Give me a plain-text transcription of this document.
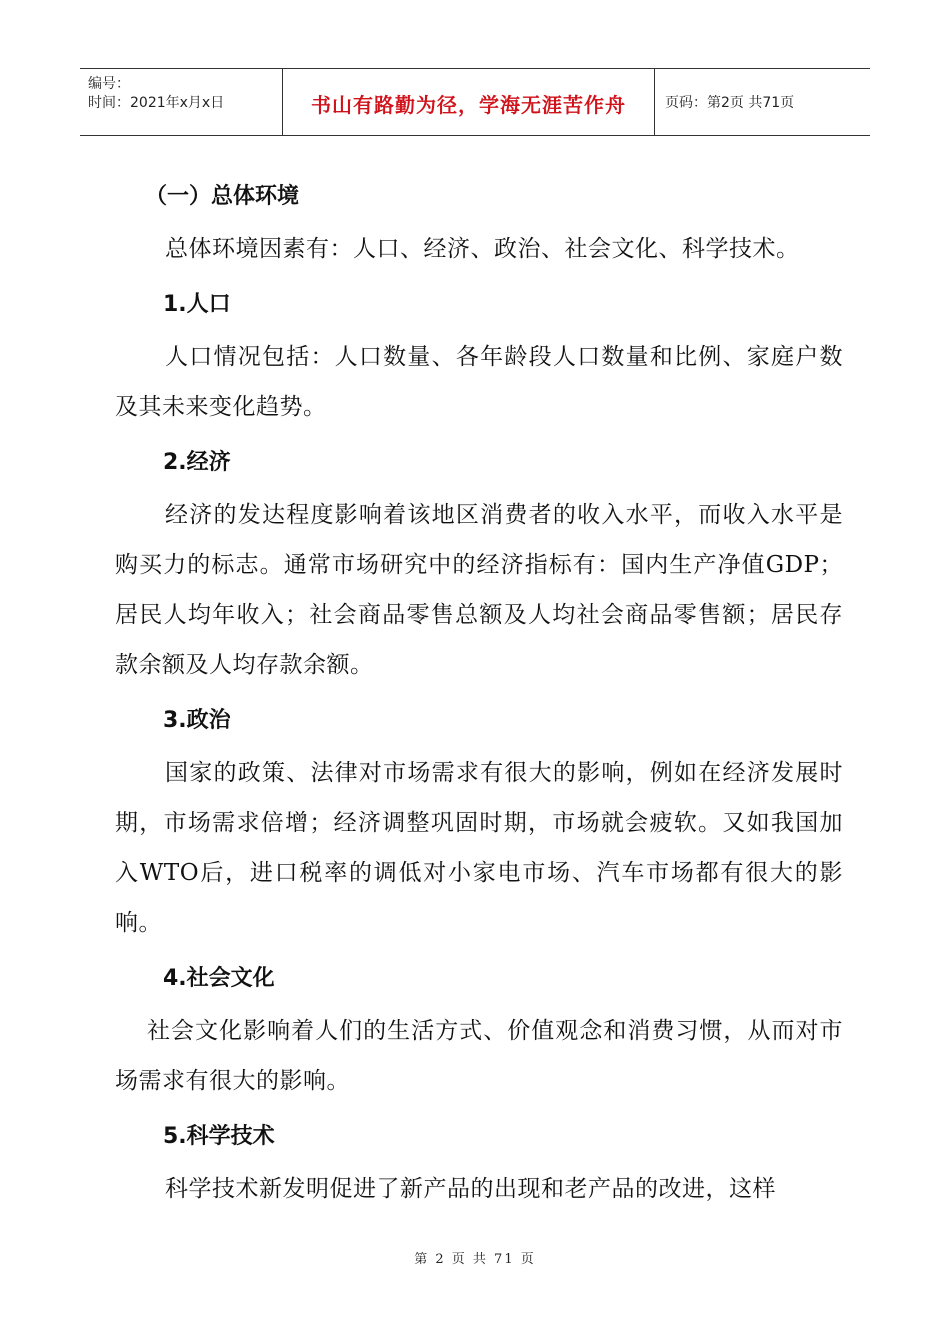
编号：
时间：2021年x月x日	书山有路勤为径，学海无涯苦作舟	页码：第2页 共71页
（一）总体环境

总体环境因素有：人口、经济、政治、社会文化、科学技术。

1.人口

人口情况包括：人口数量、各年龄段人口数量和比例、家庭户数及其未来变化趋势。

2.经济

经济的发达程度影响着该地区消费者的收入水平，而收入水平是购买力的标志。通常市场研究中的经济指标有：国内生产净值GDP；居民人均年收入；社会商品零售总额及人均社会商品零售额；居民存款余额及人均存款余额。

3.政治

国家的政策、法律对市场需求有很大的影响，例如在经济发展时期，市场需求倍增；经济调整巩固时期，市场就会疲软。又如我国加入WTO后，进口税率的调低对小家电市场、汽车市场都有很大的影响。

4.社会文化

社会文化影响着人们的生活方式、价值观念和消费习惯，从而对市场需求有很大的影响。

5.科学技术

科学技术新发明促进了新产品的出现和老产品的改进，这样

第 2 页 共 71 页
